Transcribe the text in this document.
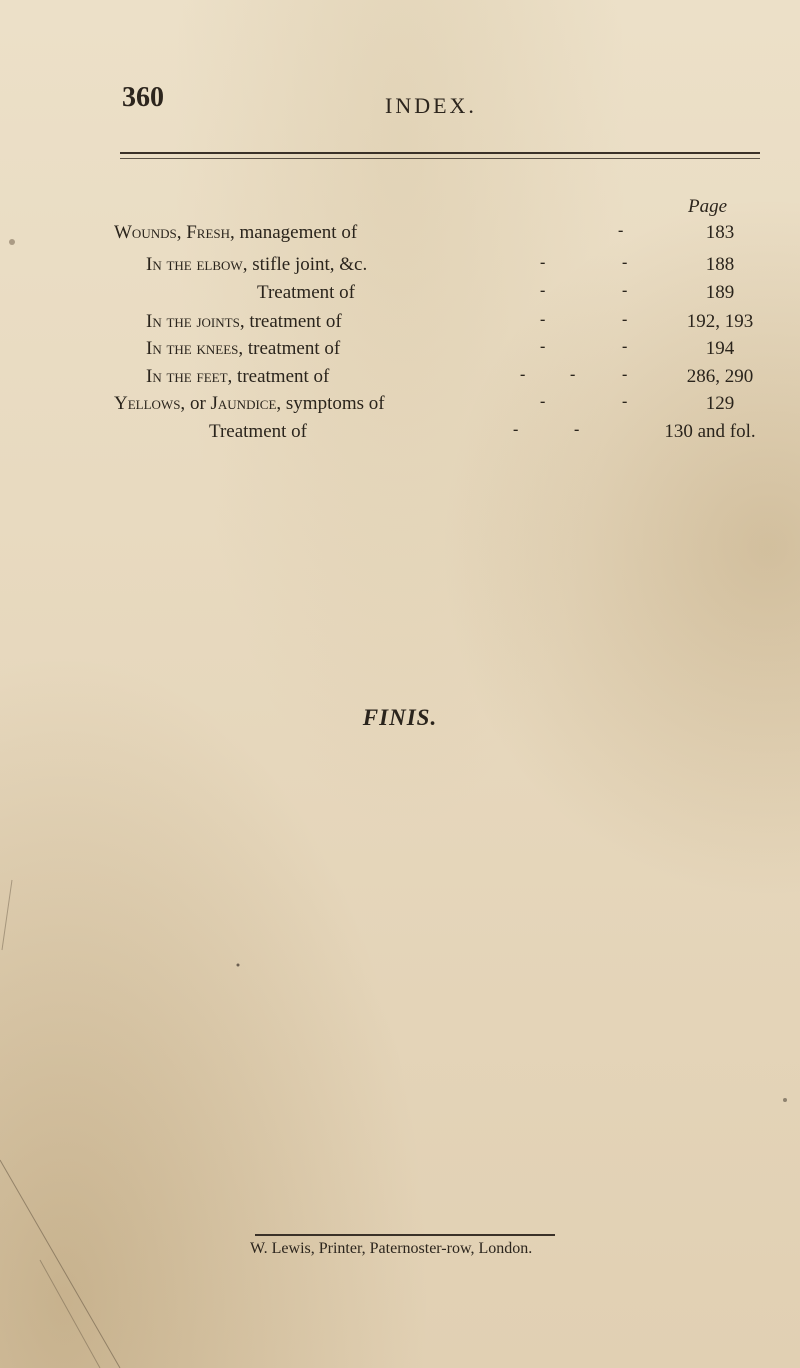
360	INDEX.
Page
Wounds, Fresh, management of	-	183
In the elbow, stifle joint, &c.	-	-	188
Treatment of	-	-	189
In the joints, treatment of	-	-	192, 193
In the knees, treatment of	-	-	194
In the feet, treatment of	-	-	-	286, 290
Yellows, or Jaundice, symptoms of	-	-	129
Treatment of	-	-	130 and fol.
FINIS.
W. Lewis, Printer, Paternoster-row, London.
